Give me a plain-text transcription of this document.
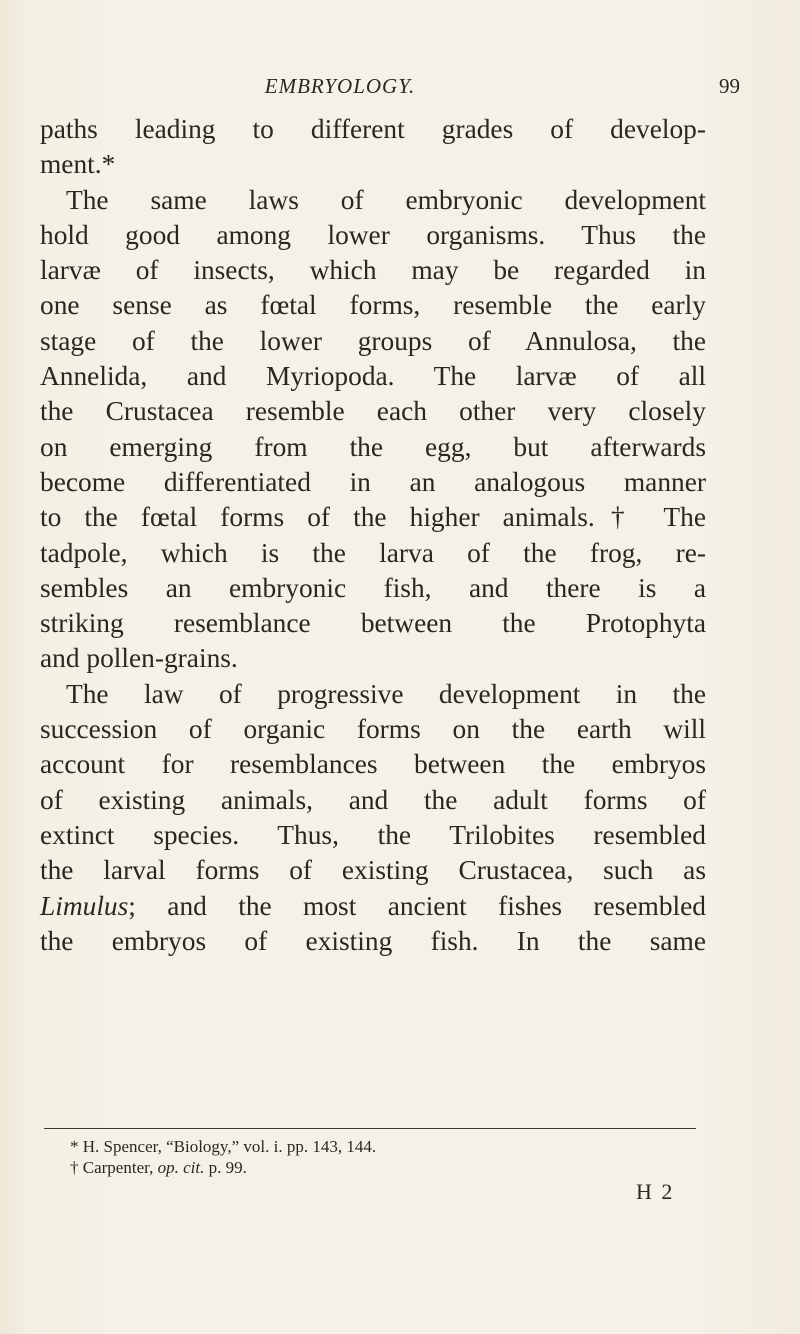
EMBRYOLOGY.	99
paths leading to different grades of develop-
ment.*
The same laws of embryonic development
hold good among lower organisms. Thus the
larvæ of insects, which may be regarded in
one sense as fœtal forms, resemble the early
stage of the lower groups of Annulosa, the
Annelida, and Myriopoda. The larvæ of all
the Crustacea resemble each other very closely
on emerging from the egg, but afterwards
become differentiated in an analogous manner
to the fœtal forms of the higher animals.† The
tadpole, which is the larva of the frog, re-
sembles an embryonic fish, and there is a
striking resemblance between the Protophyta
and pollen-grains.
The law of progressive development in the
succession of organic forms on the earth will
account for resemblances between the embryos
of existing animals, and the adult forms of
extinct species. Thus, the Trilobites resembled
the larval forms of existing Crustacea, such as
Limulus; and the most ancient fishes resembled
the embryos of existing fish. In the same
* H. Spencer, “Biology,” vol. i. pp. 143, 144.
† Carpenter, op. cit. p. 99.
H 2
